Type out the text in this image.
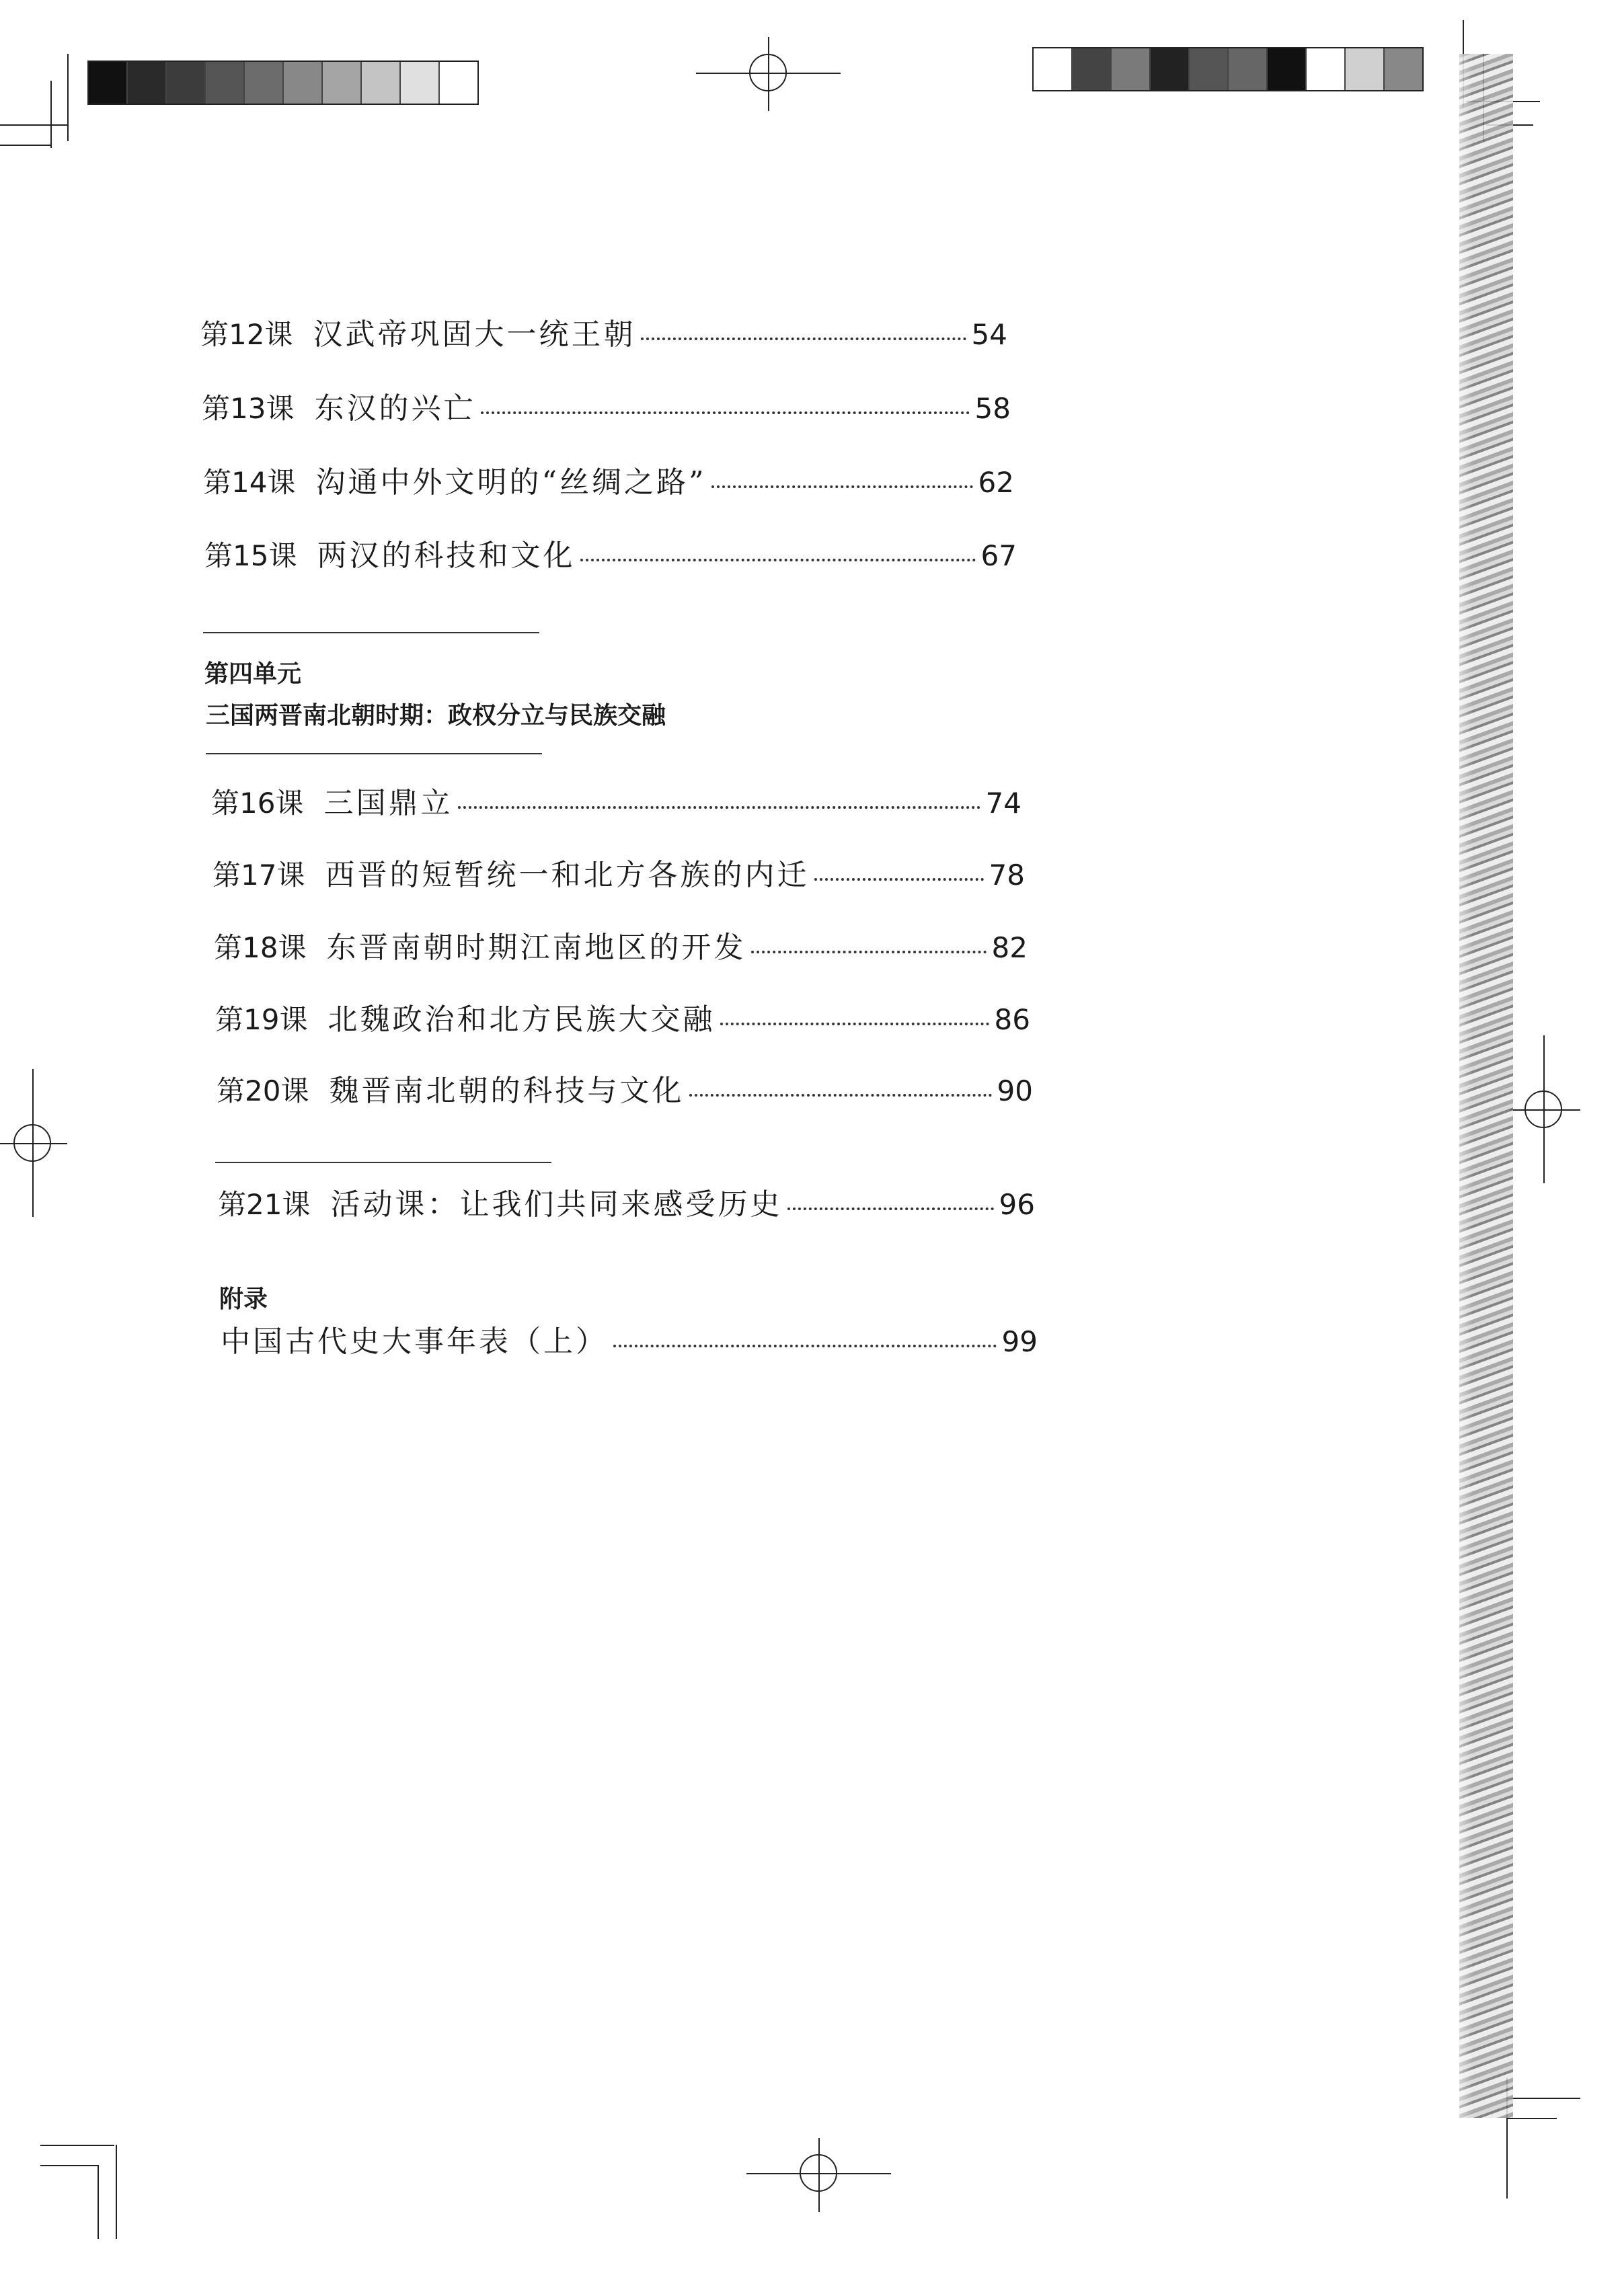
第12课 汉武帝巩固大一统王朝	54
第13课 东汉的兴亡	58
第14课 沟通中外文明的“丝绸之路”	62
第15课 两汉的科技和文化	67
第四单元
三国两晋南北朝时期：政权分立与民族交融
第16课 三国鼎立	74
第17课 西晋的短暂统一和北方各族的内迁	78
第18课 东晋南朝时期江南地区的开发	82
第19课 北魏政治和北方民族大交融	86
第20课 魏晋南北朝的科技与文化	90
第21课 活动课：让我们共同来感受历史	96
附录
中国古代史大事年表（上）	99
